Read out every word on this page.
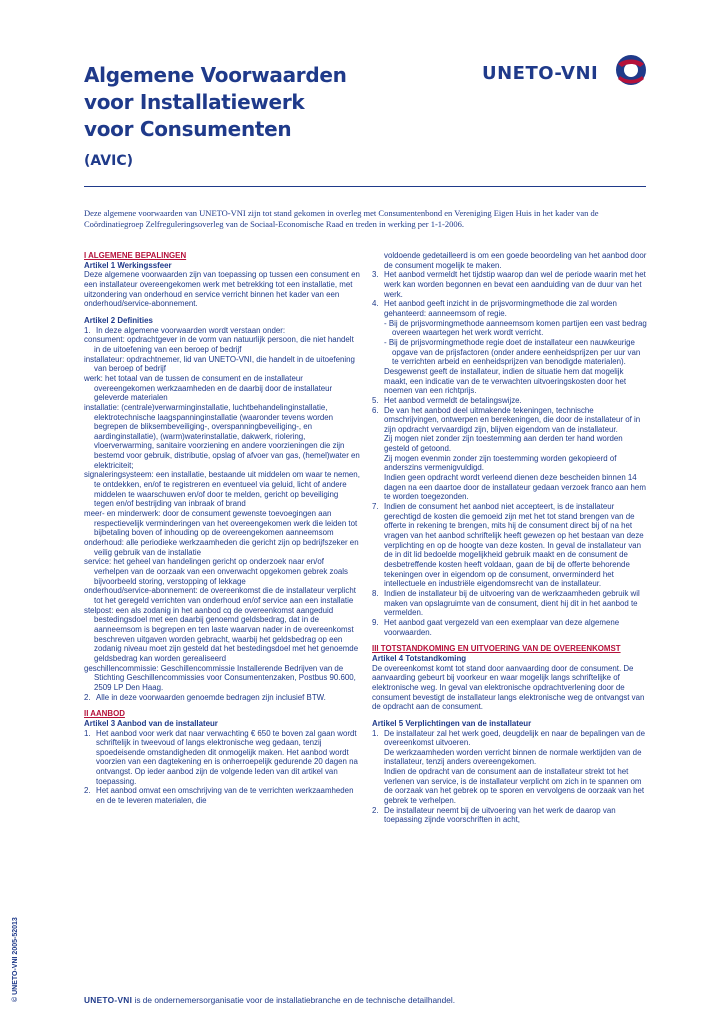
Algemene Voorwaarden
voor Installatiewerk
voor Consumenten
(AVIC)
UNETO-VNI

Deze algemene voorwaarden van UNETO-VNI zijn tot stand gekomen in overleg met Consumentenbond en Vereniging Eigen Huis in het kader van de Coördinatiegroep Zelfreguleringsoverleg van de Sociaal-Economische Raad en treden in werking per 1-1-2006.

I ALGEMENE BEPALINGEN
Artikel 1 Werkingssfeer

Deze algemene voorwaarden zijn van toepassing op tussen een consument en een installateur overeengekomen werk met betrekking tot een installatie, met uitzondering van onderhoud en service verricht binnen het kader van een onderhoud/service-abonnement.

Artikel 2 Definities
1. In deze algemene voorwaarden wordt verstaan onder:

consument: opdrachtgever in de vorm van natuurlijk persoon, die niet handelt in de uitoefening van een beroep of bedrijf

installateur: opdrachtnemer, lid van UNETO-VNI, die handelt in de uitoefening van beroep of bedrijf

werk: het totaal van de tussen de consument en de installateur overeengekomen werkzaamheden en de daarbij door de installateur geleverde materialen

installatie: (centrale)verwarminginstallatie, luchtbehandelinginstallatie, elektrotechnische laagspanninginstallatie (waaronder tevens worden begrepen de bliksembeveiliging-, overspanningbeveiliging-, en aardinginstallatie), (warm)waterinstallatie, dakwerk, riolering, vloerverwarming, sanitaire voorziening en andere voorzieningen die zijn bestemd voor gebruik, distributie, opslag of afvoer van gas, (hemel)water en elektriciteit;

signaleringsysteem: een installatie, bestaande uit middelen om waar te nemen, te ontdekken, en/of te registreren en eventueel via geluid, licht of andere middelen te waarschuwen en/of door te melden, gericht op beveiliging tegen en/of bestrijding van inbraak of brand

meer- en minderwerk: door de consument gewenste toevoegingen aan respectievelijk verminderingen van het overeengekomen werk die leiden tot bijbetaling boven of inhouding op de overeengekomen aanneemsom

onderhoud: alle periodieke werkzaamheden die gericht zijn op bedrijfszeker en veilig gebruik van de installatie

service: het geheel van handelingen gericht op onderzoek naar en/of verhelpen van de oorzaak van een onverwacht opgekomen gebrek zoals bijvoorbeeld storing, verstopping of lekkage

onderhoud/service-abonnement: de overeenkomst die de installateur verplicht tot het geregeld verrichten van onderhoud en/of service aan een installatie

stelpost: een als zodanig in het aanbod cq de overeenkomst aangeduid bestedingsdoel met een daarbij genoemd geldsbedrag, dat in de aanneemsom is begrepen en ten laste waarvan nader in de overeenkomst beschreven uitgaven worden gebracht, waarbij het geldsbedrag op een zodanig niveau moet zijn gesteld dat het bestedingsdoel met het genoemde geldsbedrag kan worden gerealiseerd

geschillencommissie: Geschillencommissie Installerende Bedrijven van de Stichting Geschillencommissies voor Consumentenzaken, Postbus 90.600, 2509 LP Den Haag.

2. Alle in deze voorwaarden genoemde bedragen zijn inclusief BTW.
II AANBOD
Artikel 3 Aanbod van de installateur
1. Het aanbod voor werk dat naar verwachting € 650 te boven zal gaan wordt schriftelijk in tweevoud of langs elektronische weg gedaan, tenzij spoedeisende omstandigheden dit onmogelijk maken. Het aanbod wordt voorzien van een dagtekening en is onherroepelijk gedurende 20 dagen na ontvangst. Op ieder aanbod zijn de volgende leden van dit artikel van toepassing.
2. Het aanbod omvat een omschrijving van de te verrichten werkzaamheden en de te leveren materialen, die
voldoende gedetailleerd is om een goede beoordeling van het aanbod door de consument mogelijk te maken.
3. Het aanbod vermeldt het tijdstip waarop dan wel de periode waarin met het werk kan worden begonnen en bevat een aanduiding van de duur van het werk.
4. Het aanbod geeft inzicht in de prijsvormingmethode die zal worden gehanteerd: aanneemsom of regie.

- Bij de prijsvormingmethode aanneemsom komen partijen een vast bedrag overeen waartegen het werk wordt verricht.

- Bij de prijsvormingmethode regie doet de installateur een nauwkeurige opgave van de prijsfactoren (onder andere eenheidsprijzen per uur van te verrichten arbeid en eenheidsprijzen van benodigde materialen).

Desgewenst geeft de installateur, indien de situatie hem dat mogelijk maakt, een indicatie van de te verwachten uitvoeringskosten door het noemen van een richtprijs.

5. Het aanbod vermeldt de betalingswijze.
6. De van het aanbod deel uitmakende tekeningen, technische omschrijvingen, ontwerpen en berekeningen, die door de installateur of in zijn opdracht vervaardigd zijn, blijven eigendom van de installateur.

Zij mogen niet zonder zijn toestemming aan derden ter hand worden gesteld of getoond.

Zij mogen evenmin zonder zijn toestemming worden gekopieerd of anderszins vermenigvuldigd.

Indien geen opdracht wordt verleend dienen deze bescheiden binnen 14 dagen na een daartoe door de installateur gedaan verzoek franco aan hem te worden toegezonden.

7. Indien de consument het aanbod niet accepteert, is de installateur gerechtigd de kosten die gemoeid zijn met het tot stand brengen van de offerte in rekening te brengen, mits hij de consument direct bij of na het vragen van het aanbod schriftelijk heeft gewezen op het bestaan van deze verplichting en op de hoogte van deze kosten. In geval de installateur van de in dit lid bedoelde mogelijkheid gebruik maakt en de consument de desbetreffende kosten heeft voldaan, gaan de bij de offerte behorende tekeningen over in eigendom op de consument, onverminderd het intellectuele en industriële eigendomsrecht van de installateur.
8. Indien de installateur bij de uitvoering van de werkzaamheden gebruik wil maken van opslagruimte van de consument, dient hij dit in het aanbod te vermelden.
9. Het aanbod gaat vergezeld van een exemplaar van deze algemene voorwaarden.
III TOTSTANDKOMING EN UITVOERING VAN DE OVEREENKOMST
Artikel 4 Totstandkoming

De overeenkomst komt tot stand door aanvaarding door de consument. De aanvaarding gebeurt bij voorkeur en waar mogelijk langs schriftelijke of elektronische weg. In geval van elektronische opdrachtverlening door de consument bevestigt de installateur langs elektronische weg de ontvangst van de opdracht aan de consument.

Artikel 5 Verplichtingen van de installateur
1. De installateur zal het werk goed, deugdelijk en naar de bepalingen van de overeenkomst uitvoeren.

De werkzaamheden worden verricht binnen de normale werktijden van de installateur, tenzij anders overeengekomen.

Indien de opdracht van de consument aan de installateur strekt tot het verlenen van service, is de installateur verplicht om zich in te spannen om de oorzaak van het gebrek op te sporen en vervolgens de oorzaak van het gebrek te verhelpen.

2. De installateur neemt bij de uitvoering van het werk de daarop van toepassing zijnde voorschriften in acht,
© UNETO-VNI 2005-52013	UNETO-VNI is de ondernemersorganisatie voor de installatiebranche en de technische detailhandel.
